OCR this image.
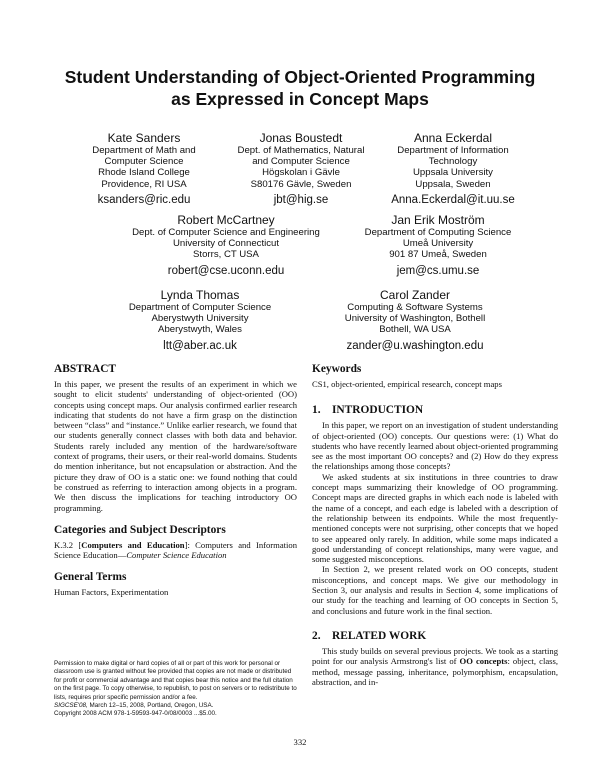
Student Understanding of Object-Oriented Programming
as Expressed in Concept Maps
Kate Sanders
Department of Math and
Computer Science
Rhode Island College
Providence, RI USA
ksanders@ric.edu
Jonas Boustedt
Dept. of Mathematics, Natural
and Computer Science
Högskolan i Gävle
S80176 Gävle, Sweden
jbt@hig.se
Anna Eckerdal
Department of Information
Technology
Uppsala University
Uppsala, Sweden
Anna.Eckerdal@it.uu.se
Robert McCartney
Dept. of Computer Science and Engineering
University of Connecticut
Storrs, CT USA
robert@cse.uconn.edu
Jan Erik Moström
Department of Computing Science
Umeå University
901 87 Umeå, Sweden
jem@cs.umu.se
Lynda Thomas
Department of Computer Science
Aberystwyth University
Aberystwyth, Wales
ltt@aber.ac.uk
Carol Zander
Computing & Software Systems
University of Washington, Bothell
Bothell, WA USA
zander@u.washington.edu
ABSTRACT

In this paper, we present the results of an experiment in which we sought to elicit students' understanding of object-oriented (OO) concepts using concept maps. Our analysis confirmed earlier research indicating that students do not have a firm grasp on the distinction between “class” and “instance.” Unlike earlier research, we found that our students generally connect classes with both data and behavior. Students rarely included any mention of the hardware/software context of programs, their users, or their real-world domains. Students do mention inheritance, but not encapsulation or abstraction. And the picture they draw of OO is a static one: we found nothing that could be construed as referring to interaction among objects in a program. We then discuss the implications for teaching introductory OO programming.

Categories and Subject Descriptors

K.3.2 [Computers and Education]: Computers and Information Science Education—Computer Science Education

General Terms

Human Factors, Experimentation

Permission to make digital or hard copies of all or part of this work for personal or classroom use is granted without fee provided that copies are not made or distributed for profit or commercial advantage and that copies bear this notice and the full citation on the first page. To copy otherwise, to republish, to post on servers or to redistribute to lists, requires prior specific permission and/or a fee.

SIGCSE'08, March 12–15, 2008, Portland, Oregon, USA.

Copyright 2008 ACM 978-1-59593-947-0/08/0003 ...$5.00.

Keywords

CS1, object-oriented, empirical research, concept maps

1. INTRODUCTION

In this paper, we report on an investigation of student understanding of object-oriented (OO) concepts. Our questions were: (1) What do students who have recently learned about object-oriented programming see as the most important OO concepts? and (2) How do they express the relationships among those concepts?

We asked students at six institutions in three countries to draw concept maps summarizing their knowledge of OO programming. Concept maps are directed graphs in which each node is labeled with the name of a concept, and each edge is labeled with a description of the relationship between its endpoints. While the most frequently-mentioned concepts were not surprising, other concepts that we hoped to see appeared only rarely. In addition, while some maps indicated a good understanding of concept relationships, many were vague, and some suggested misconceptions.

In Section 2, we present related work on OO concepts, student misconceptions, and concept maps. We give our methodology in Section 3, our analysis and results in Section 4, some implications of our study for the teaching and learning of OO concepts in Section 5, and conclusions and future work in the final section.

2. RELATED WORK

This study builds on several previous projects. We took as a starting point for our analysis Armstrong's list of OO concepts: object, class, method, message passing, inheritance, polymorphism, encapsulation, abstraction, and in-

332
